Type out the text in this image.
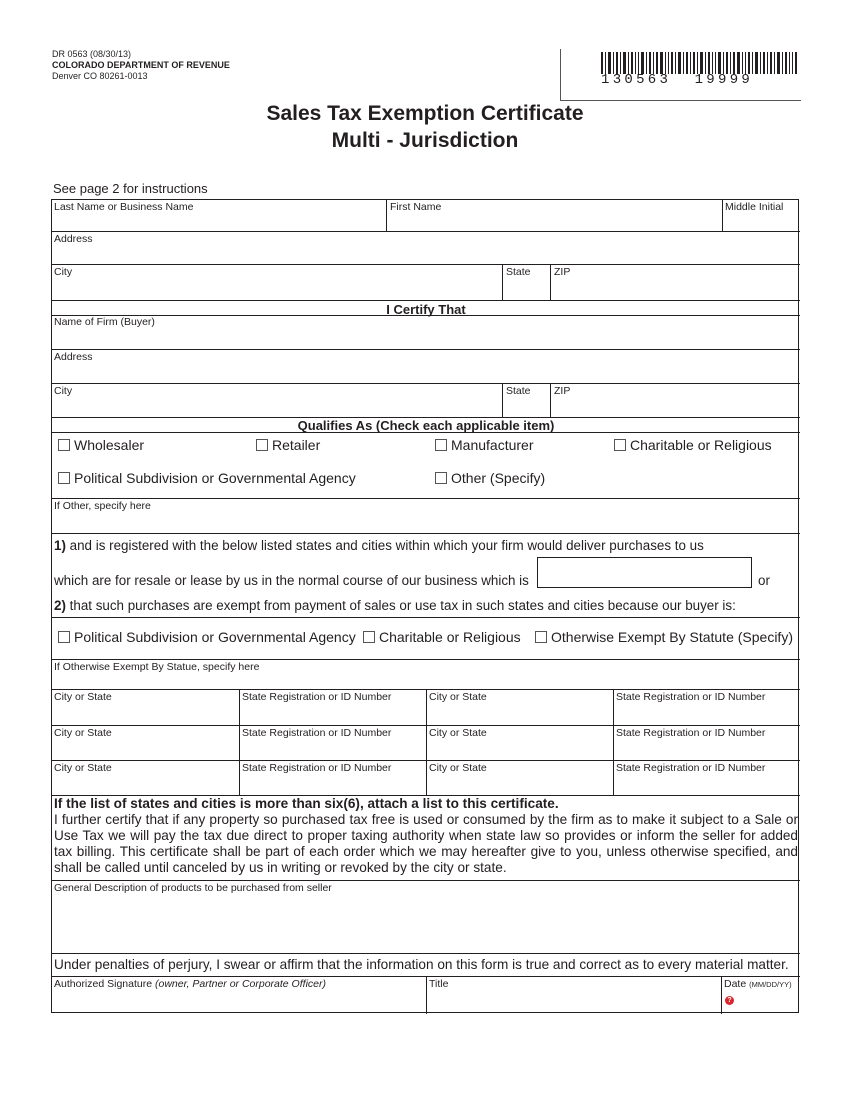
DR 0563 (08/30/13)
COLORADO DEPARTMENT OF REVENUE
Denver CO 80261-0013	130563  19999
Sales Tax Exemption Certificate
Multi - Jurisdiction
See page 2 for instructions
Last Name or Business Name	First Name	Middle Initial
Address
City	State ZIP
I Certify That
Name of Firm (Buyer)
Address
City	State ZIP
Qualifies As (Check each applicable item)
Wholesaler	Retailer	Manufacturer	Charitable or Religious
Political Subdivision or Governmental Agency	Other (Specify)
If Other, specify here
1) and is registered with the below listed states and cities within which your firm would deliver purchases to us
which are for resale or lease by us in the normal course of our business which is	or
2) that such purchases are exempt from payment of sales or use tax in such states and cities because our buyer is:
Political Subdivision or Governmental Agency	Charitable or Religious	Otherwise Exempt By Statute (Specify)
If Otherwise Exempt By Statue, specify here
City or State	State Registration or ID Number	City or State	State Registration or ID Number
City or State	State Registration or ID Number	City or State	State Registration or ID Number
City or State	State Registration or ID Number	City or State	State Registration or ID Number
If the list of states and cities is more than six(6), attach a list to this certificate.
I further certify that if any property so purchased tax free is used or consumed by the firm as to make it subject to a Sale or Use Tax we will pay the tax due direct to proper taxing authority when state law so provides or inform the seller for added tax billing. This certificate shall be part of each order which we may hereafter give to you, unless otherwise specified, and shall be called until canceled by us in writing or revoked by the city or state.
General Description of products to be purchased from seller
Under penalties of perjury, I swear or affirm that the information on this form is true and correct as to every material matter.
Authorized Signature (owner, Partner or Corporate Officer)	Title	Date (MM/DD/YY)
?
